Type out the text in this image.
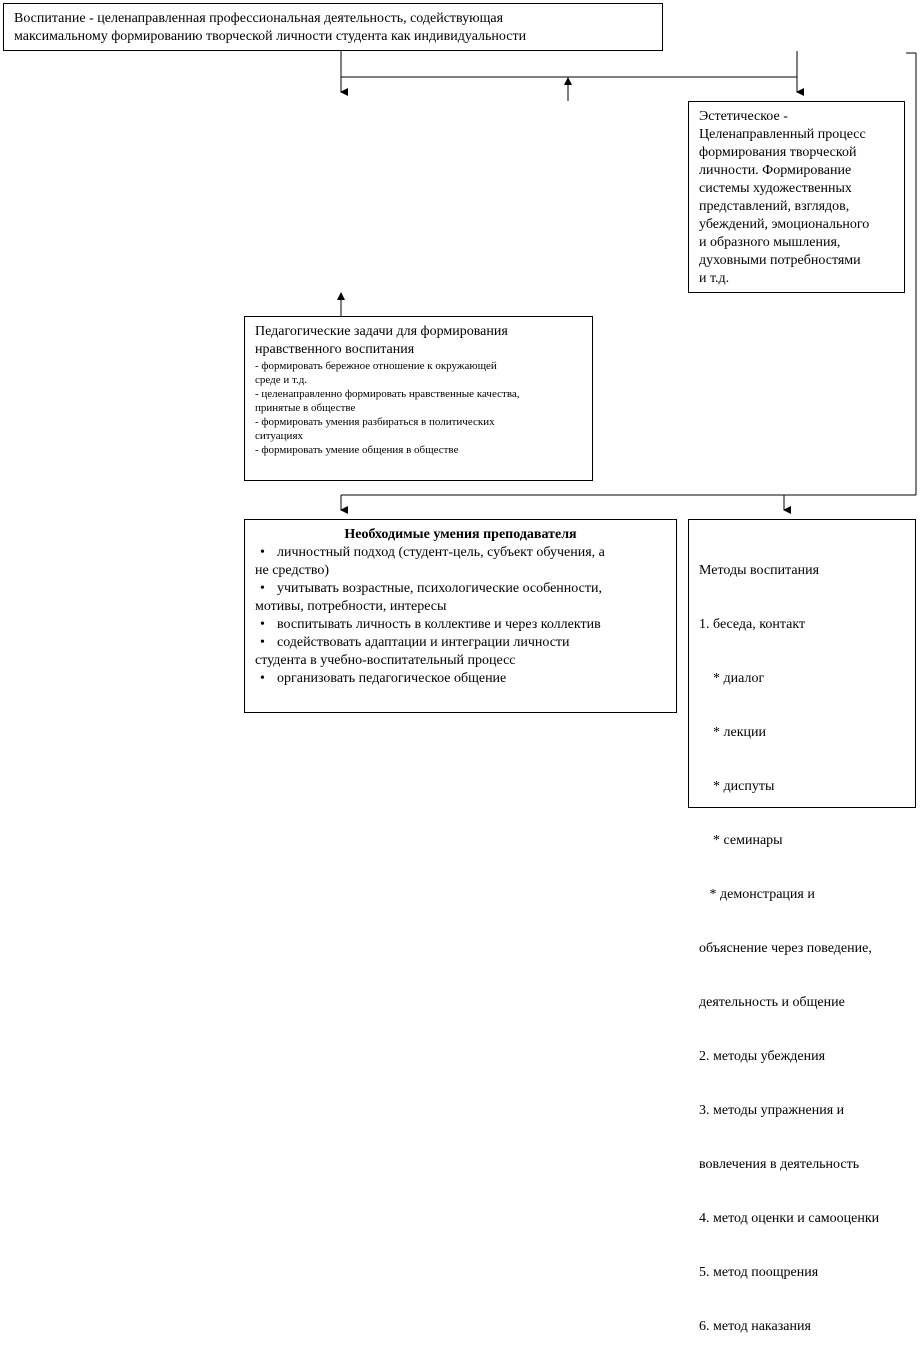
Воспитание - целенаправленная профессиональная деятельность, содействующая
максимальному формированию творческой личности студента как индивидуальности
Эстетическое -
Целенаправленный процесс
формирования творческой
личности. Формирование
системы художественных
представлений, взглядов,
убеждений, эмоционального
и образного мышления,
духовными потребностями
и т.д.
Педагогические задачи для формирования
нравственного воспитания
- формировать бережное отношение к окружающей
среде и т.д.
- целенаправленно формировать нравственные качества,
принятые в обществе
- формировать умения разбираться в политических
ситуациях
- формировать умение общения в обществе
Необходимые умения преподавателя
• личностный подход (студент-цель, субъект обучения, а
не средство)
• учитывать возрастные, психологические особенности,
мотивы, потребности, интересы
• воспитывать личность в коллективе и через коллектив
• содействовать адаптации и интеграции личности
студента в учебно-воспитательный процесс
• организовать педагогическое общение

Методы воспитания

1. беседа, контакт

* диалог

* лекции

* диспуты

* семинары

* демонстрация и

объяснение через поведение,

деятельность и общение

2. методы убеждения

3. методы упражнения и

вовлечения в деятельность

4. метод оценки и самооценки

5. метод поощрения

6. метод наказания
